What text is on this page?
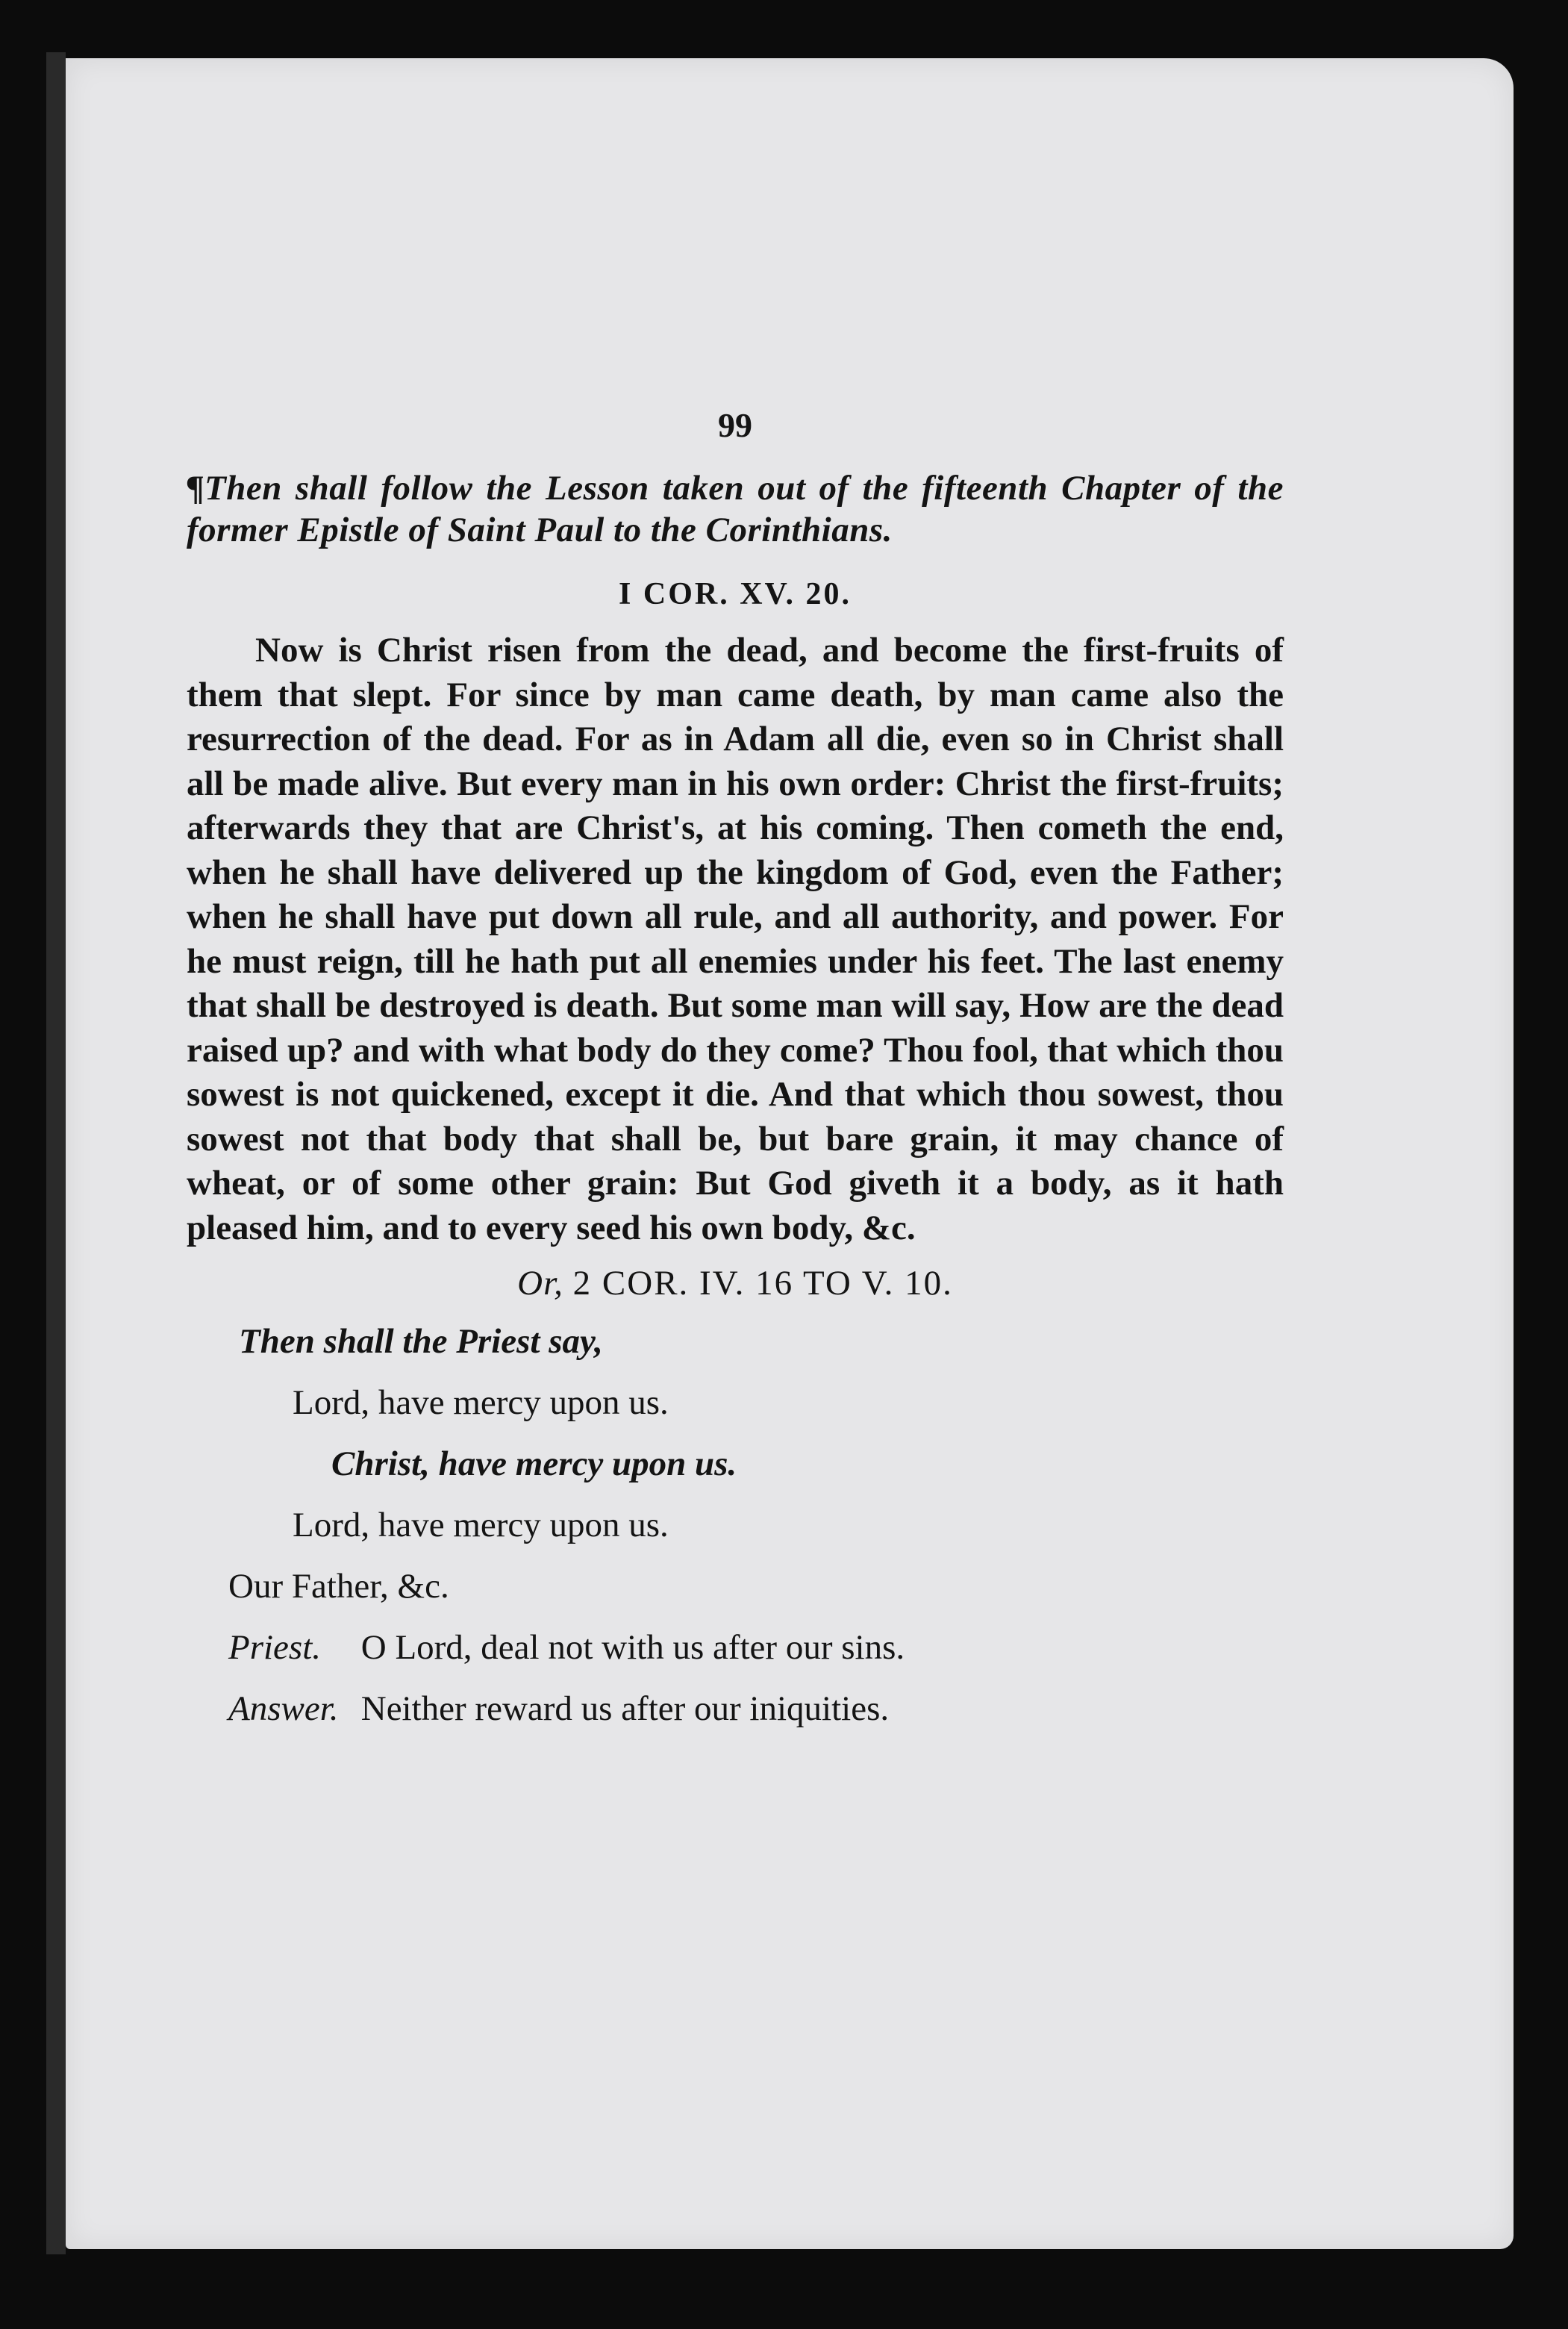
99

¶Then shall follow the Lesson taken out of the fifteenth Chapter of the former Epistle of Saint Paul to the Corinthians.

I COR. XV. 20.

Now is Christ risen from the dead, and become the first-fruits of them that slept. For since by man came death, by man came also the resurrection of the dead. For as in Adam all die, even so in Christ shall all be made alive. But every man in his own order: Christ the first-fruits; afterwards they that are Christ's, at his coming. Then cometh the end, when he shall have delivered up the kingdom of God, even the Father; when he shall have put down all rule, and all authority, and power. For he must reign, till he hath put all enemies under his feet. The last enemy that shall be destroyed is death. But some man will say, How are the dead raised up? and with what body do they come? Thou fool, that which thou sowest is not quickened, except it die. And that which thou sowest, thou sowest not that body that shall be, but bare grain, it may chance of wheat, or of some other grain: But God giveth it a body, as it hath pleased him, and to every seed his own body, &c.

Or, 2 COR. IV. 16 TO V. 10.
Then shall the Priest say,
Lord, have mercy upon us.
Christ, have mercy upon us.
Lord, have mercy upon us.
Our Father, &c.
Priest. O Lord, deal not with us after our sins.
Answer. Neither reward us after our iniquities.
